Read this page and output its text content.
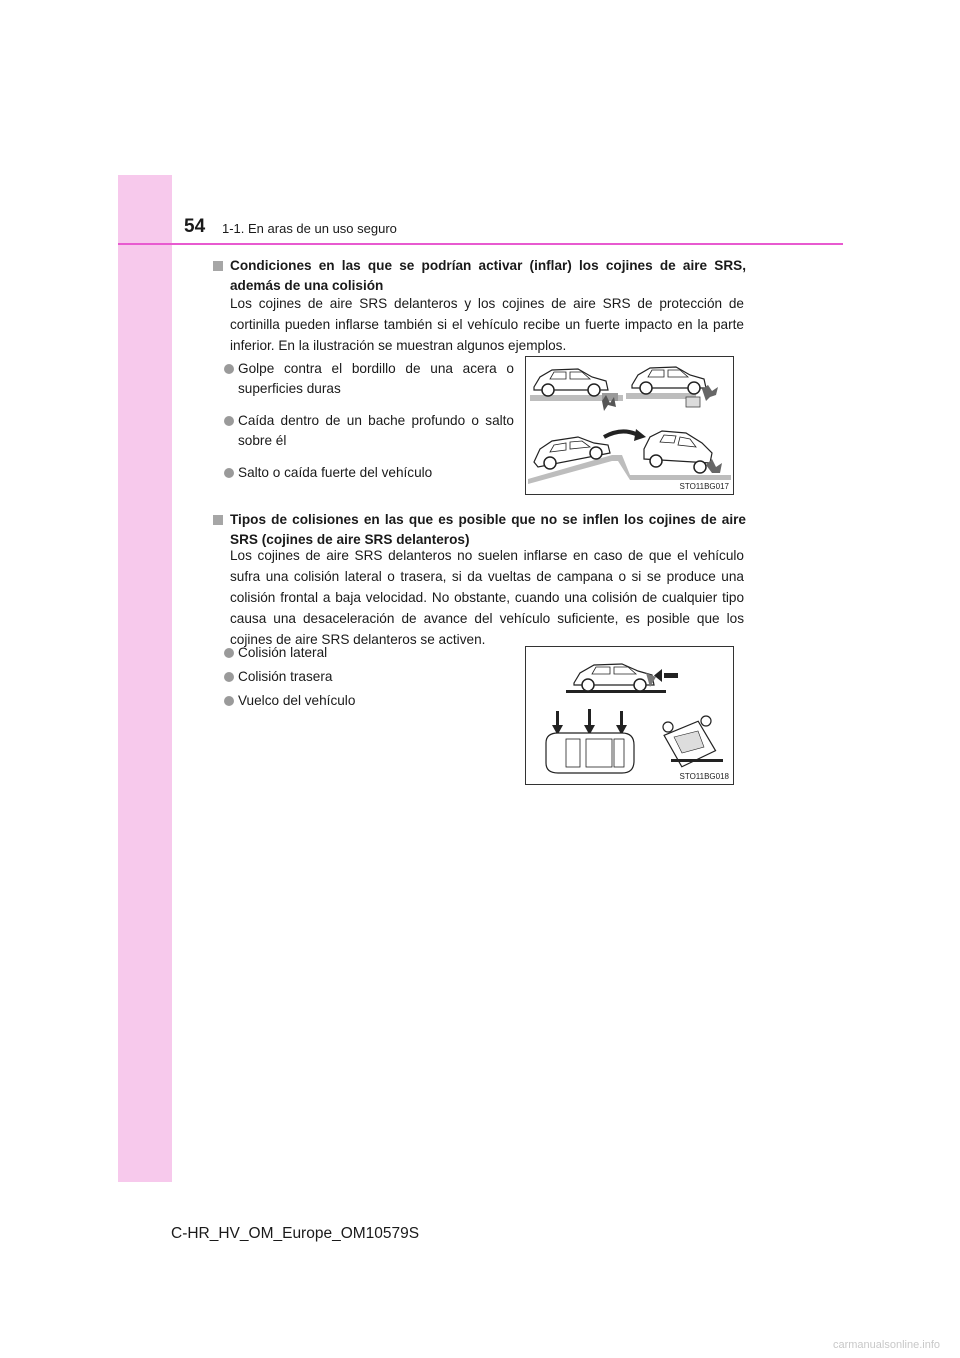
54 1-1. En aras de un uso seguro
Condiciones en las que se podrían activar (inflar) los cojines de aire SRS, además de una colisión

Los cojines de aire SRS delanteros y los cojines de aire SRS de protección de cortinilla pueden inflarse también si el vehículo recibe un fuerte impacto en la parte inferior. En la ilustración se muestran algunos ejemplos.

Golpe contra el bordillo de una acera o superficies duras
Caída dentro de un bache profundo o salto sobre él
Salto o caída fuerte del vehículo
STO11BG017
Tipos de colisiones en las que es posible que no se inflen los cojines de aire SRS (cojines de aire SRS delanteros)

Los cojines de aire SRS delanteros no suelen inflarse en caso de que el vehículo sufra una colisión lateral o trasera, si da vueltas de campana o si se produce una colisión frontal a baja velocidad. No obstante, cuando una colisión de cualquier tipo causa una desaceleración de avance del vehículo suficiente, es posible que los cojines de aire SRS delanteros se activen.

Colisión lateral
Colisión trasera
Vuelco del vehículo
STO11BG018
C-HR_HV_OM_Europe_OM10579S
carmanualsonline.info
